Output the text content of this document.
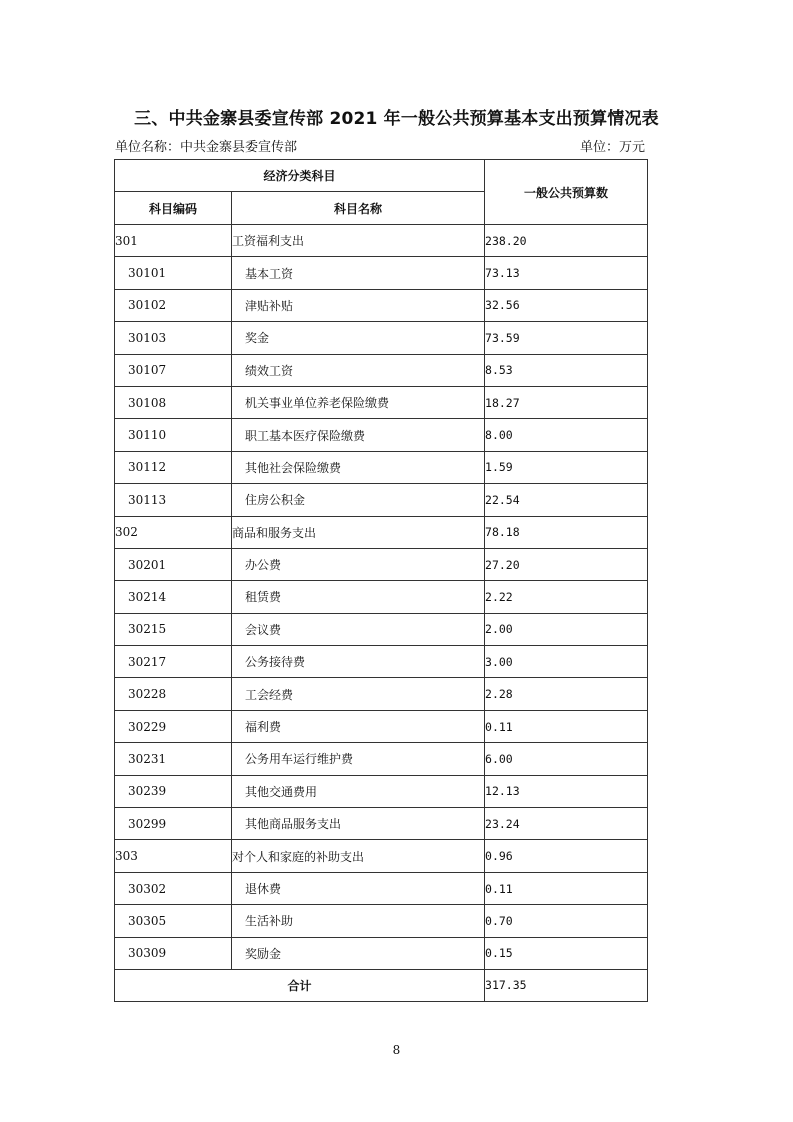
三、中共金寨县委宣传部 2021 年一般公共预算基本支出预算情况表
单位名称：中共金寨县委宣传部	单位：万元
经济分类科目		一般公共预算数
科目编码	科目名称	
301	工资福利支出	238.20
30101	基本工资	73.13
30102	津贴补贴	32.56
30103	奖金	73.59
30107	绩效工资	8.53
30108	机关事业单位养老保险缴费	18.27
30110	职工基本医疗保险缴费	8.00
30112	其他社会保险缴费	1.59
30113	住房公积金	22.54
302	商品和服务支出	78.18
30201	办公费	27.20
30214	租赁费	2.22
30215	会议费	2.00
30217	公务接待费	3.00
30228	工会经费	2.28
30229	福利费	0.11
30231	公务用车运行维护费	6.00
30239	其他交通费用	12.13
30299	其他商品服务支出	23.24
303	对个人和家庭的补助支出	0.96
30302	退休费	0.11
30305	生活补助	0.70
30309	奖励金	0.15
合计		317.35
8
